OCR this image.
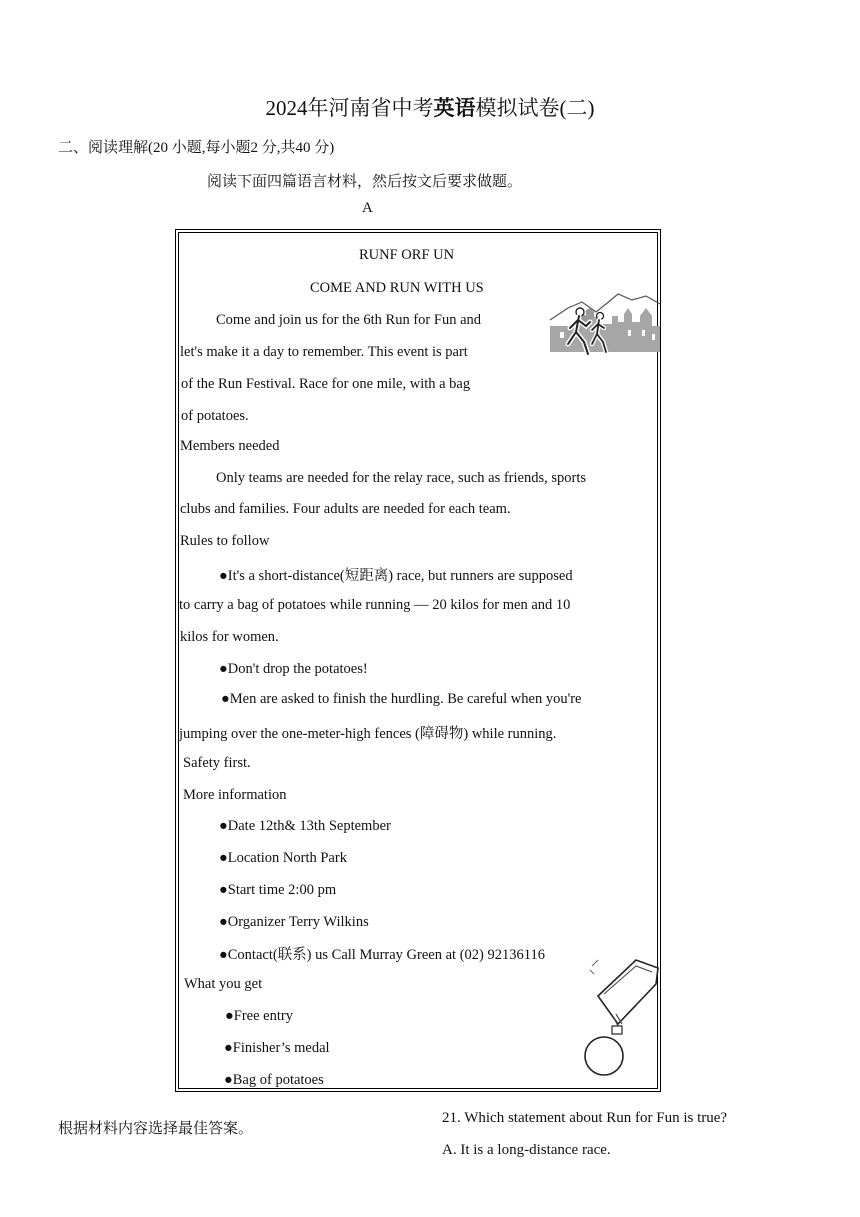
2024年河南省中考英语模拟试卷(二)
二、阅读理解(20 小题,每小题2 分,共40 分)
阅读下面四篇语言材料，然后按文后要求做题。
A
RUNF ORF UN
COME AND RUN WITH US
Come and join us for the 6th Run for Fun and
let's make it a day to remember. This event is part
of the Run Festival. Race for one mile, with a bag
of potatoes.
Members needed
Only teams are needed for the relay race, such as friends, sports
clubs and families. Four adults are needed for each team.
Rules to follow
●It's a short-distance(短距离) race, but runners are supposed
to carry a bag of potatoes while running — 20 kilos for men and 10
kilos for women.
●Don't drop the potatoes!
●Men are asked to finish the hurdling. Be careful when you're
jumping over the one-meter-high fences (障碍物) while running.
Safety first.
More information
●Date 12th& 13th September
●Location North Park
●Start time 2:00 pm
●Organizer Terry Wilkins
●Contact(联系) us Call Murray Green at (02) 92136116
What you get
●Free entry
●Finisher’s medal
●Bag of potatoes
21. Which statement about Run for Fun is true?
根据材料内容选择最佳答案。
A. It is a long-distance race.
